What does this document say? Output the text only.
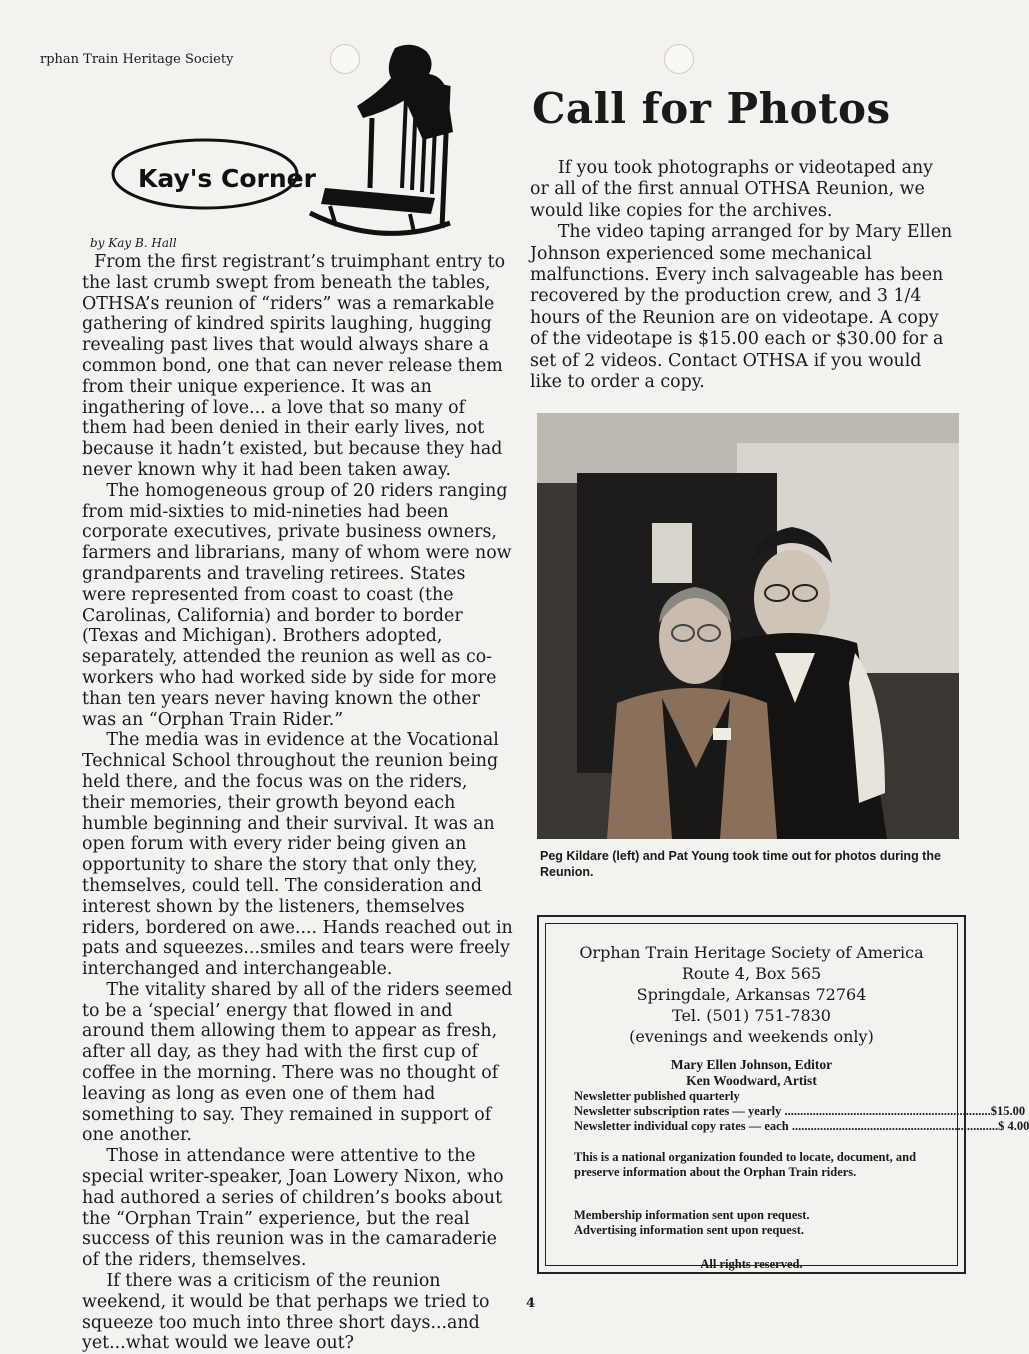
rphan Train Heritage Society
Kay's Corner
by Kay B. Hall

From the first registrant’s truimphant entry to the last crumb swept from beneath the tables, OTHSA’s reunion of “riders” was a remarkable gathering of kindred spirits laughing, hugging revealing past lives that would always share a common bond, one that can never release them from their unique experience. It was an ingathering of love... a love that so many of them had been denied in their early lives, not because it hadn’t existed, but because they had never known why it had been taken away.

The homogeneous group of 20 riders ranging from mid-sixties to mid-nineties had been corporate executives, private business owners, farmers and librarians, many of whom were now grandparents and traveling retirees. States were represented from coast to coast (the Carolinas, California) and border to border (Texas and Michigan). Brothers adopted, separately, attended the reunion as well as co-workers who had worked side by side for more than ten years never having known the other was an “Orphan Train Rider.”

The media was in evidence at the Vocational Technical School throughout the reunion being held there, and the focus was on the riders, their memories, their growth beyond each humble beginning and their survival. It was an open forum with every rider being given an opportunity to share the story that only they, themselves, could tell. The consideration and interest shown by the listeners, themselves riders, bordered on awe.... Hands reached out in pats and squeezes...smiles and tears were freely interchanged and interchangeable.

The vitality shared by all of the riders seemed to be a ‘special’ energy that flowed in and around them allowing them to appear as fresh, after all day, as they had with the first cup of coffee in the morning. There was no thought of leaving as long as even one of them had something to say. They remained in support of one another.

Those in attendance were attentive to the special writer-speaker, Joan Lowery Nixon, who had authored a series of children’s books about the “Orphan Train” experience, but the real success of this reunion was in the camaraderie of the riders, themselves.

If there was a criticism of the reunion weekend, it would be that perhaps we tried to squeeze too much into three short days...and yet...what would we leave out?

Call for Photos

If you took photographs or videotaped any or all of the first annual OTHSA Reunion, we would like copies for the archives.

The video taping arranged for by Mary Ellen Johnson experienced some mechanical malfunctions. Every inch salvageable has been recovered by the production crew, and 3 1/4 hours of the Reunion are on videotape. A copy of the videotape is $15.00 each or $30.00 for a set of 2 videos. Contact OTHSA if you would like to order a copy.

Peg Kildare (left) and Pat Young took time out for photos during the Reunion.
Orphan Train Heritage Society of America
Route 4, Box 565
Springdale, Arkansas 72764
Tel. (501) 751-7830
(evenings and weekends only)
Mary Ellen Johnson, Editor
Ken Woodward, Artist
Newsletter published quarterly
Newsletter subscription rates — yearly .................................................................. $15.00
Newsletter individual copy rates — each .................................................................. $ 4.00
This is a national organization founded to locate, document, and preserve information about the Orphan Train riders.
Membership information sent upon request.
Advertising information sent upon request.
All rights reserved.
4
